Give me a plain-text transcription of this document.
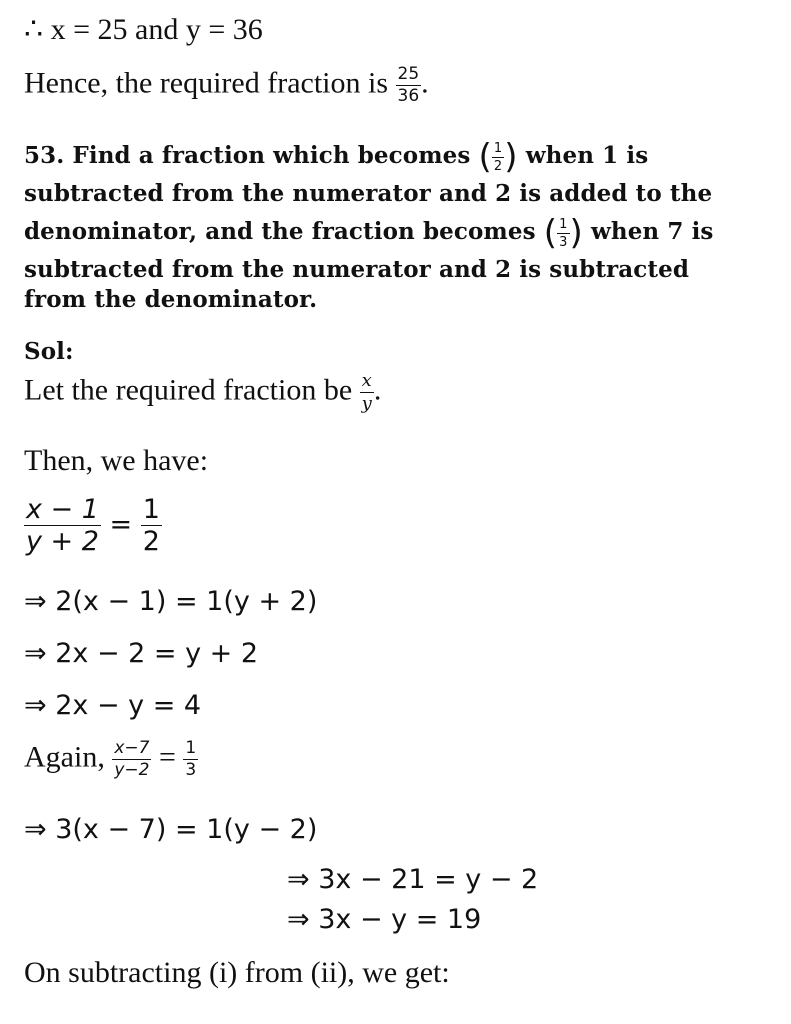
∴ x = 25 and y = 36
Hence, the required fraction is $\frac{25}{36}$ .
53. Find a fraction which becomes ( $\frac{1}{2}$ ) when 1 is
subtracted from the numerator and 2 is added to the
denominator, and the fraction becomes ( $\frac{1}{3}$ ) when 7 is
subtracted from the numerator and 2 is subtracted
from the denominator.
Sol:
Let the required fraction be $\frac{x}{y}$ .
Then, we have:
$\frac{x - 1}{y + 2} = \frac{1}{2}$
⇒ 2(x − 1) = 1(y + 2)
⇒ 2x − 2 = y + 2
⇒ 2x − y = 4
Again, $\frac{x-7}{y-2} = \frac{1}{3}$
⇒ 3(x − 7) = 1(y − 2)
⇒ 3x − 21 = y − 2
⇒ 3x − y = 19
On subtracting (i) from (ii), we get:
